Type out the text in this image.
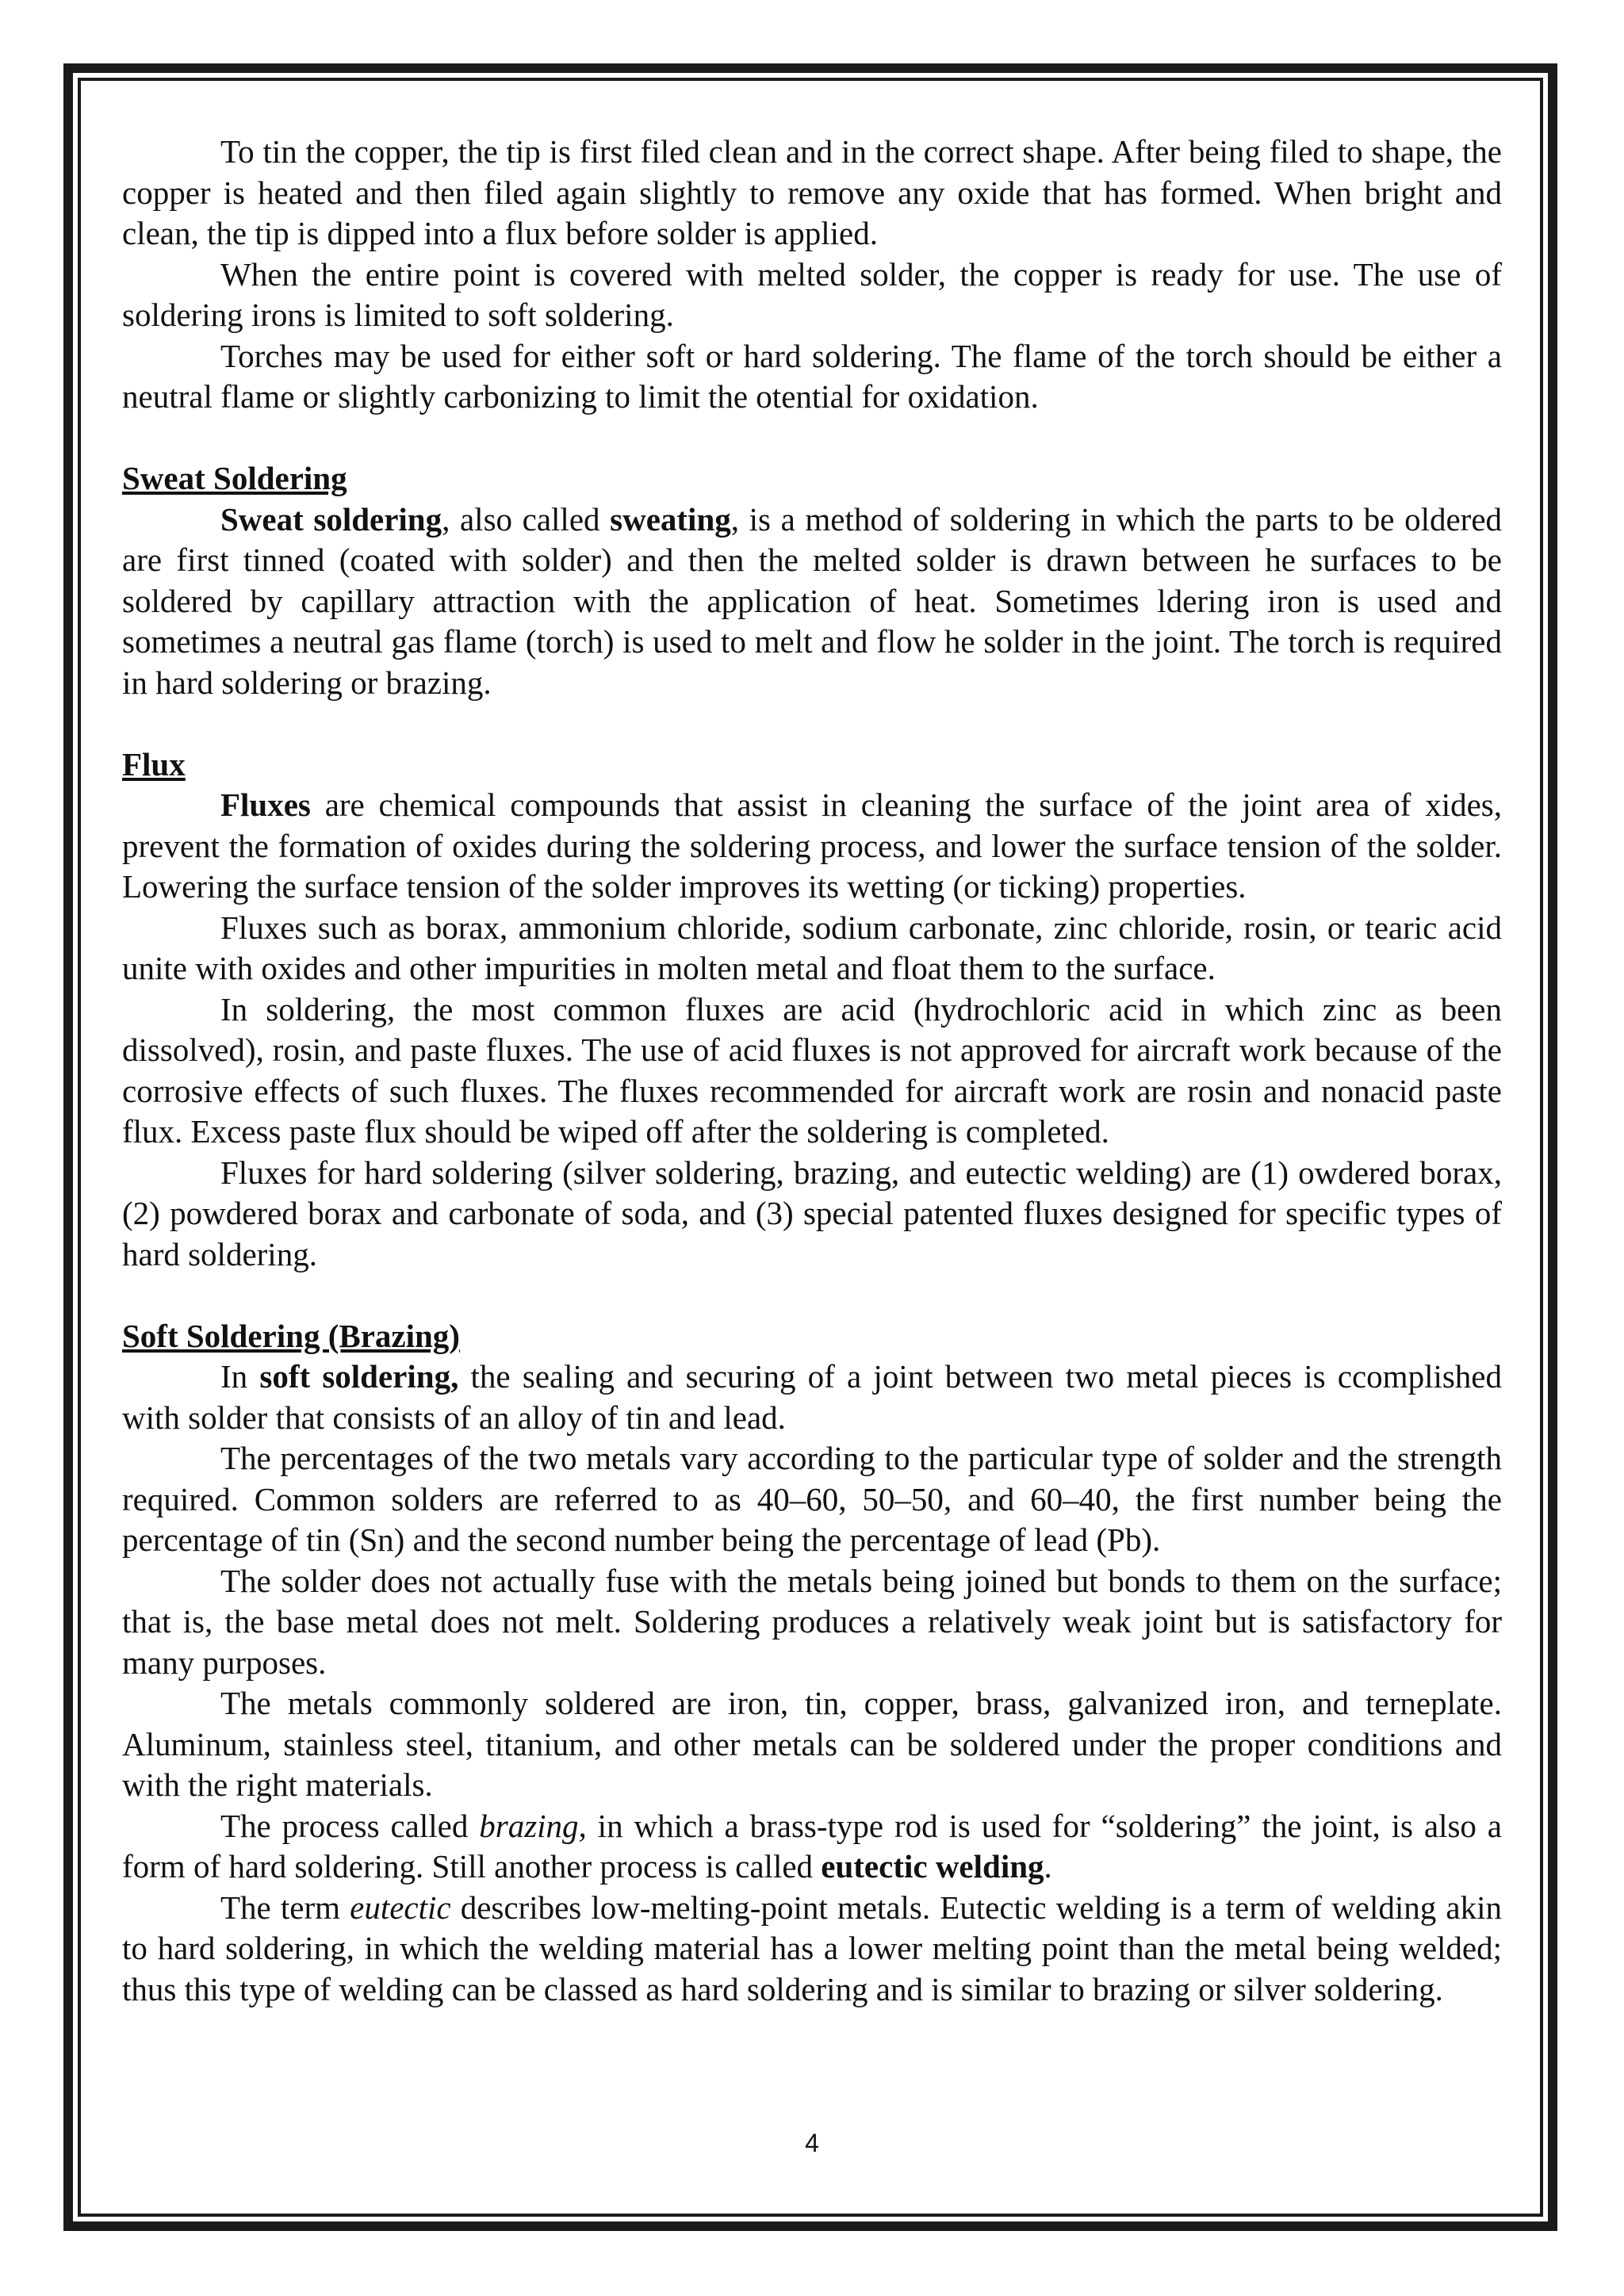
To tin the copper, the tip is first filed clean and in the correct shape. After being filed to shape, the copper is heated and then filed again slightly to remove any oxide that has formed. When bright and clean, the tip is dipped into a flux before solder is applied.

When the entire point is covered with melted solder, the copper is ready for use. The use of soldering irons is limited to soft soldering.

Torches may be used for either soft or hard soldering. The flame of the torch should be either a neutral flame or slightly carbonizing to limit the otential for oxidation.

Sweat Soldering

Sweat soldering, also called sweating, is a method of soldering in which the parts to be oldered are first tinned (coated with solder) and then the melted solder is drawn between he surfaces to be soldered by capillary attraction with the application of heat. Sometimes ldering iron is used and sometimes a neutral gas flame (torch) is used to melt and flow he solder in the joint. The torch is required in hard soldering or brazing.

Flux

Fluxes are chemical compounds that assist in cleaning the surface of the joint area of xides, prevent the formation of oxides during the soldering process, and lower the surface tension of the solder. Lowering the surface tension of the solder improves its wetting (or ticking) properties.

Fluxes such as borax, ammonium chloride, sodium carbonate, zinc chloride, rosin, or tearic acid unite with oxides and other impurities in molten metal and float them to the surface.

In soldering, the most common fluxes are acid (hydrochloric acid in which zinc as been dissolved), rosin, and paste fluxes. The use of acid fluxes is not approved for aircraft work because of the corrosive effects of such fluxes. The fluxes recommended for aircraft work are rosin and nonacid paste flux. Excess paste flux should be wiped off after the soldering is completed.

Fluxes for hard soldering (silver soldering, brazing, and eutectic welding) are (1) owdered borax, (2) powdered borax and carbonate of soda, and (3) special patented fluxes designed for specific types of hard soldering.

Soft Soldering (Brazing)

In soft soldering, the sealing and securing of a joint between two metal pieces is ccomplished with solder that consists of an alloy of tin and lead.

The percentages of the two metals vary according to the particular type of solder and the strength required. Common solders are referred to as 40–60, 50–50, and 60–40, the first number being the percentage of tin (Sn) and the second number being the percentage of lead (Pb).

The solder does not actually fuse with the metals being joined but bonds to them on the surface; that is, the base metal does not melt. Soldering produces a relatively weak joint but is satisfactory for many purposes.

The metals commonly soldered are iron, tin, copper, brass, galvanized iron, and terneplate. Aluminum, stainless steel, titanium, and other metals can be soldered under the proper conditions and with the right materials.

The process called brazing, in which a brass-type rod is used for “soldering” the joint, is also a form of hard soldering. Still another process is called eutectic welding.

The term eutectic describes low-melting-point metals. Eutectic welding is a term of welding akin to hard soldering, in which the welding material has a lower melting point than the metal being welded; thus this type of welding can be classed as hard soldering and is similar to brazing or silver soldering.

4
